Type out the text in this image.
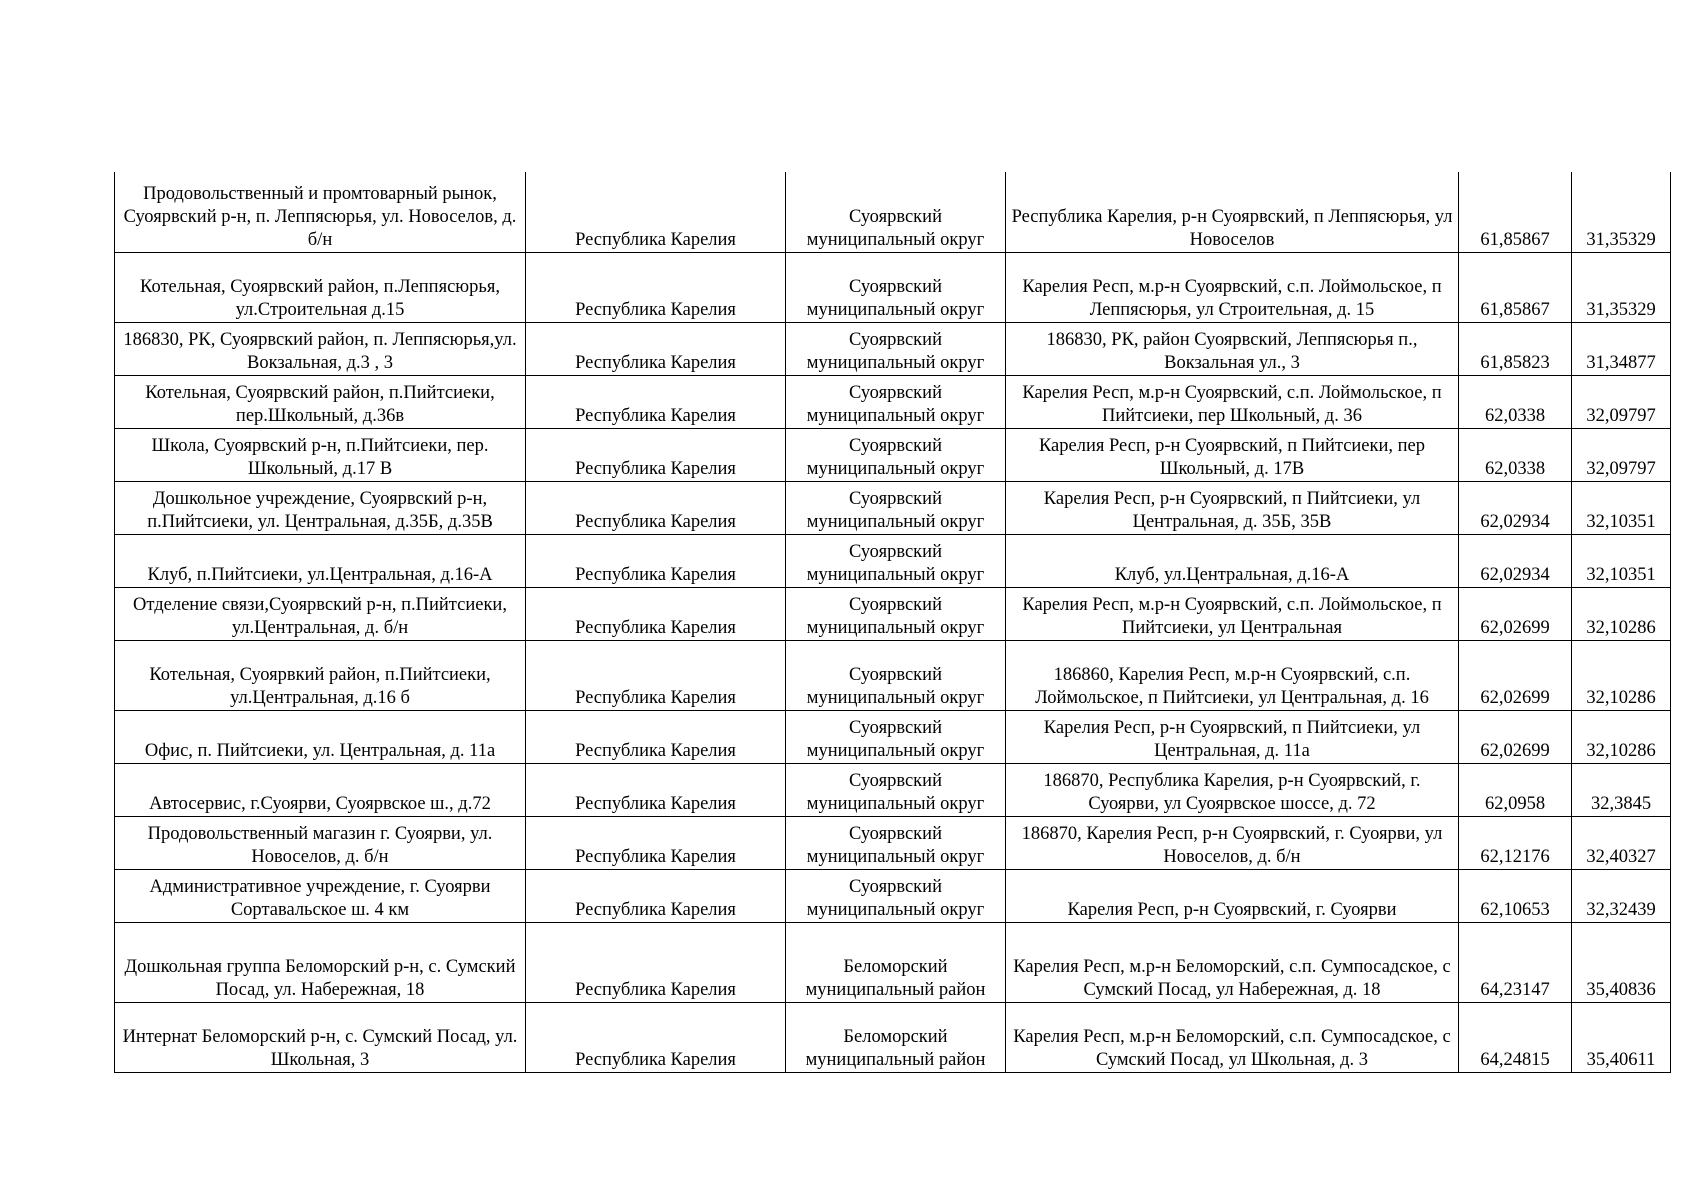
Продовольственный и промтоварный рынок, Суоярвский р-н, п. Леппясюрья, ул. Новоселов, д. б/н	Республика Карелия	Суоярвский муниципальный округ	Республика Карелия, р-н Суоярвский, п Леппясюрья, ул Новоселов	61,85867	31,35329
Котельная, Суоярвский район, п.Леппясюрья, ул.Строительная д.15	Республика Карелия	Суоярвский муниципальный округ	Карелия Респ, м.р-н Суоярвский, с.п. Лоймольское, п Леппясюрья, ул Строительная, д. 15	61,85867	31,35329
186830, РК, Суоярвский район, п. Леппясюрья,ул. Вокзальная, д.3 , 3	Республика Карелия	Суоярвский муниципальный округ	186830, РК, район Суоярвский, Леппясюрья п., Вокзальная ул., 3	61,85823	31,34877
Котельная, Суоярвский район, п.Пийтсиеки, пер.Школьный, д.36в	Республика Карелия	Суоярвский муниципальный округ	Карелия Респ, м.р-н Суоярвский, с.п. Лоймольское, п Пийтсиеки, пер Школьный, д. 36	62,0338	32,09797
Школа, Суоярвский р-н, п.Пийтсиеки, пер. Школьный, д.17 В	Республика Карелия	Суоярвский муниципальный округ	Карелия Респ, р-н Суоярвский, п Пийтсиеки, пер Школьный, д. 17В	62,0338	32,09797
Дошкольное учреждение, Суоярвский р-н, п.Пийтсиеки, ул. Центральная, д.35Б, д.35В	Республика Карелия	Суоярвский муниципальный округ	Карелия Респ, р-н Суоярвский, п Пийтсиеки, ул Центральная, д. 35Б, 35В	62,02934	32,10351
Клуб, п.Пийтсиеки, ул.Центральная, д.16-А	Республика Карелия	Суоярвский муниципальный округ	Клуб, ул.Центральная, д.16-А	62,02934	32,10351
Отделение связи,Суоярвский р-н, п.Пийтсиеки, ул.Центральная, д. б/н	Республика Карелия	Суоярвский муниципальный округ	Карелия Респ, м.р-н Суоярвский, с.п. Лоймольское, п Пийтсиеки, ул Центральная	62,02699	32,10286
Котельная, Суоярвкий район, п.Пийтсиеки, ул.Центральная, д.16 б	Республика Карелия	Суоярвский муниципальный округ	186860, Карелия Респ, м.р-н Суоярвский, с.п. Лоймольское, п Пийтсиеки, ул Центральная, д. 16	62,02699	32,10286
Офис, п. Пийтсиеки, ул. Центральная, д. 11а	Республика Карелия	Суоярвский муниципальный округ	Карелия Респ, р-н Суоярвский, п Пийтсиеки, ул Центральная, д. 11а	62,02699	32,10286
Автосервис, г.Суоярви, Суоярвское ш., д.72	Республика Карелия	Суоярвский муниципальный округ	186870, Республика Карелия, р-н Суоярвский, г. Суоярви, ул Суоярвское шоссе, д. 72	62,0958	32,3845
Продовольственный магазин г. Суоярви, ул. Новоселов, д. б/н	Республика Карелия	Суоярвский муниципальный округ	186870, Карелия Респ, р-н Суоярвский, г. Суоярви, ул Новоселов, д. б/н	62,12176	32,40327
Административное учреждение, г. Суоярви Сортавальское ш. 4 км	Республика Карелия	Суоярвский муниципальный округ	Карелия Респ, р-н Суоярвский, г. Суоярви	62,10653	32,32439
Дошкольная группа Беломорский р-н, с. Сумский Посад, ул. Набережная, 18	Республика Карелия	Беломорский муниципальный район	Карелия Респ, м.р-н Беломорский, с.п. Сумпосадское, с Сумский Посад, ул Набережная, д. 18	64,23147	35,40836
Интернат Беломорский р-н, с. Сумский Посад, ул. Школьная, 3	Республика Карелия	Беломорский муниципальный район	Карелия Респ, м.р-н Беломорский, с.п. Сумпосадское, с Сумский Посад, ул Школьная, д. 3	64,24815	35,40611
